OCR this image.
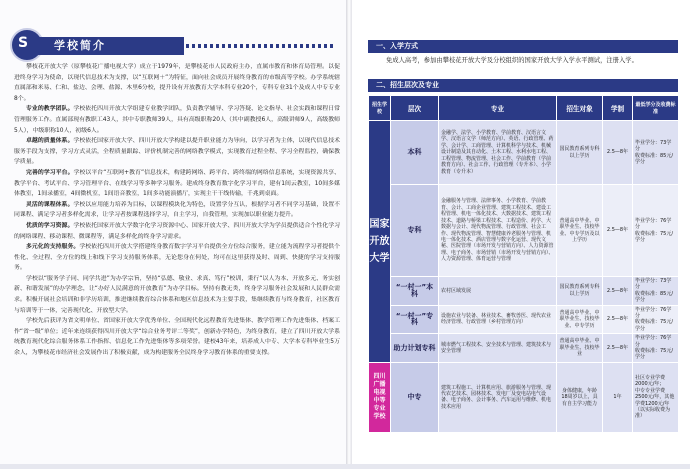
S	学校简介

攀枝花开放大学（原攀枝花广播电视大学）成立于1979年，是攀枝花市人民政府主办，直属市教育和体育局管理。以促进终身学习为使命，以现代信息技术为支撑，以“互联网＋”为特征，面向社会成员开展终身教育的市级高等学校。办学系统辖直属部和米易、仁和、盐边、会理、盐源、木里6分校，提升设有开放教育大学本科专业20个，专科专业31个及成人中专专业8个。

专业的教学团队。学校依托四川开放大学组建专业教学团队，负责教学辅导、学习答疑、论文指导、社会实践和课程日常管理服务工作。直属部现有教职工43人，其中专职教师39人，具有高级职称20人（其中副教授6人，高级讲师9人，高级教师5人），中级职称10人，初级6人。

卓越的质量体系。学校依托国家开放大学、四川开放大学构建以提升职业能力为导向，以学习者为主体，以现代信息技术服务手段为支撑，学习方式灵活，全程质量跟踪、评价机制完善的网络教学模式，实现教育过程全程、学习全程监控，确保教学质量。

完善的学习平台。学校以平台“互联网+教育”信息技术，构建跨网络、跨平台、跨终端的网络信息系统，实现资源共享、教学平台、考试平台、学习管理平台、在线学习等多种学习服务。建成终身教育数字化学习平台，建有1间云教室，10间多媒体教室，1间录播室，4间微机室，1间语音教室，1间多功能演播厅，实现主干干线传输，千兆到桌面。

灵活的课程体系。学校以应用能力培养为目标，以课程模块化为特色，设置学分互认，根据学习者不同学习基础，设置不同课程、满足学习者多样化需求，让学习者按课程选择学习，自主学习，自我管理，实现加以职业能力提升。

优质的学习资源。学校依托国家开放大学数字化学习资源中心、国家开放大学、四川开放大学为学员提供适合个性化学习的网络课程、移动课程、微课程等，满足多样化的终身学习需求。

多元化的支持服务。学校依托四川开放大学搭建终身教育数字学习平台提供全方位综合服务，建立能为流程学习者提供个性化、全过程、全方位的线上和线下学习支持服务体系，无论您身在何处，均可在这里获得及时、周到、快捷的学习支持服务。

学校以“服务学子同、同学共进”为办学宗旨，坚持“弘德、敬业、求真、笃行”校训，秉行“以人为本、开放多元、务实创新、和谐发展”的办学理念，让“办好人民满意的开放教育”为办学目标。坚持有教无类，终身学习服务社会发展和人民群众需求。积极开展社会培训和非学历培训，推进继续教育综合体系和地区信息技术为主要手段，集继续教育与终身教育，社区教育与培训等于一体，完善现代化、开放型大学。

学校先后获评为省文明单位、省国家开放大学优秀单位、全国现代化远程教育先进集体、教学管理工作先进集体、档案工作“省一级”单位；近年来连续获得四川开放大学“综合业务考评二等奖”，创新办学特色，为终身教育，建立了四川开放大学系统教育现代化综合服务体系工作指挥、信息化工作先进集体等多项荣誉。建校43年来，培养成人中专、大学本专科毕业生5万余人，为攀枝花市经济社会发展作出了积极贡献，成为构建服务全民终身学习教育体系的重要支撑。

一、入学方式
免成人高考，参加由攀枝花开放大学及分校组织的国家开放大学入学水平测试，注册入学。
二、招生层次及专业
招生学校	层次	专业	招生对象	学制	最低学分及收费标准
国家开放大学	本科	金融学、法学、小学教育、学前教育、汉语言文学、汉语言文学（师范方向）、英语、行政管理、药学、会计学、工商管理、计算机科学与技术、机械设计制造及其自动化、土木工程、水利水电工程、工程管理、物流管理、社会工作、学前教育（学前教育方向）、社会工作、行政管理（专升本）、小学教育（专升本）	国民教育系列专科以上学历	2.5—8年	毕业学分：73学分
收费标准：85元/学分
	专科	金融服务与管理、法律事务、小学教育、学前教育、会计、工商企业管理、建筑工程技术、建设工程管理、机电一体化技术、大数据技术、建筑工程技术、道路与桥梁工程技术、工程造价、药学、大数据与会计、现代物流管理、行政管理、社会工作、现代物流管理、智慧健康养老服务与管理、机电一体化技术、酒店管理与数字化运营、现代文秘、医院管理（市场开发与营销方向）、人力资源管理、电子商务、市场营销（市场开发与营销方向）、人力资源管理、体育运营与管理	普通高中毕业、中职毕业生、技校毕业、中专学历及以上学历	2.5—8年	毕业学分：76学分
收费标准：75元/学分
	“一村一”本科	农村区域发展	国民教育系列专科以上学历	2.5—8年	毕业学分：73学分
收费标准：85元/学分
	“一村一”专科	设施农业与装备、林业技术、畜牧兽医、现代农业经济管理、行政管理（乡村管理方向）	普通高中毕业、中职毕业生、技校毕业、中专学历	2.5—8年	毕业学分：76学分
收费标准：75元/学分
	助力计划专科	城市燃气工程技术、安全技术与管理、建筑技术与安全管理	普通高中毕业、中职毕业生、技校毕业	2.5—8年	毕业学分：76学分
收费标准：75元/学分
四川广播电视中等专业学校	中专	建筑工程施工、计算机应用、旅游服务与管理、现代农艺技术、园林技术、发电厂及变电站电气设备、电子商务、会计事务、汽车运用与维修、机电技术应用	身体健康，年龄18周岁以上，具有自主学习能力	1年	社区专业学费2000元/年；
中专专业学费2500元/年，其他学费1200元/年（以实际收费为准）
